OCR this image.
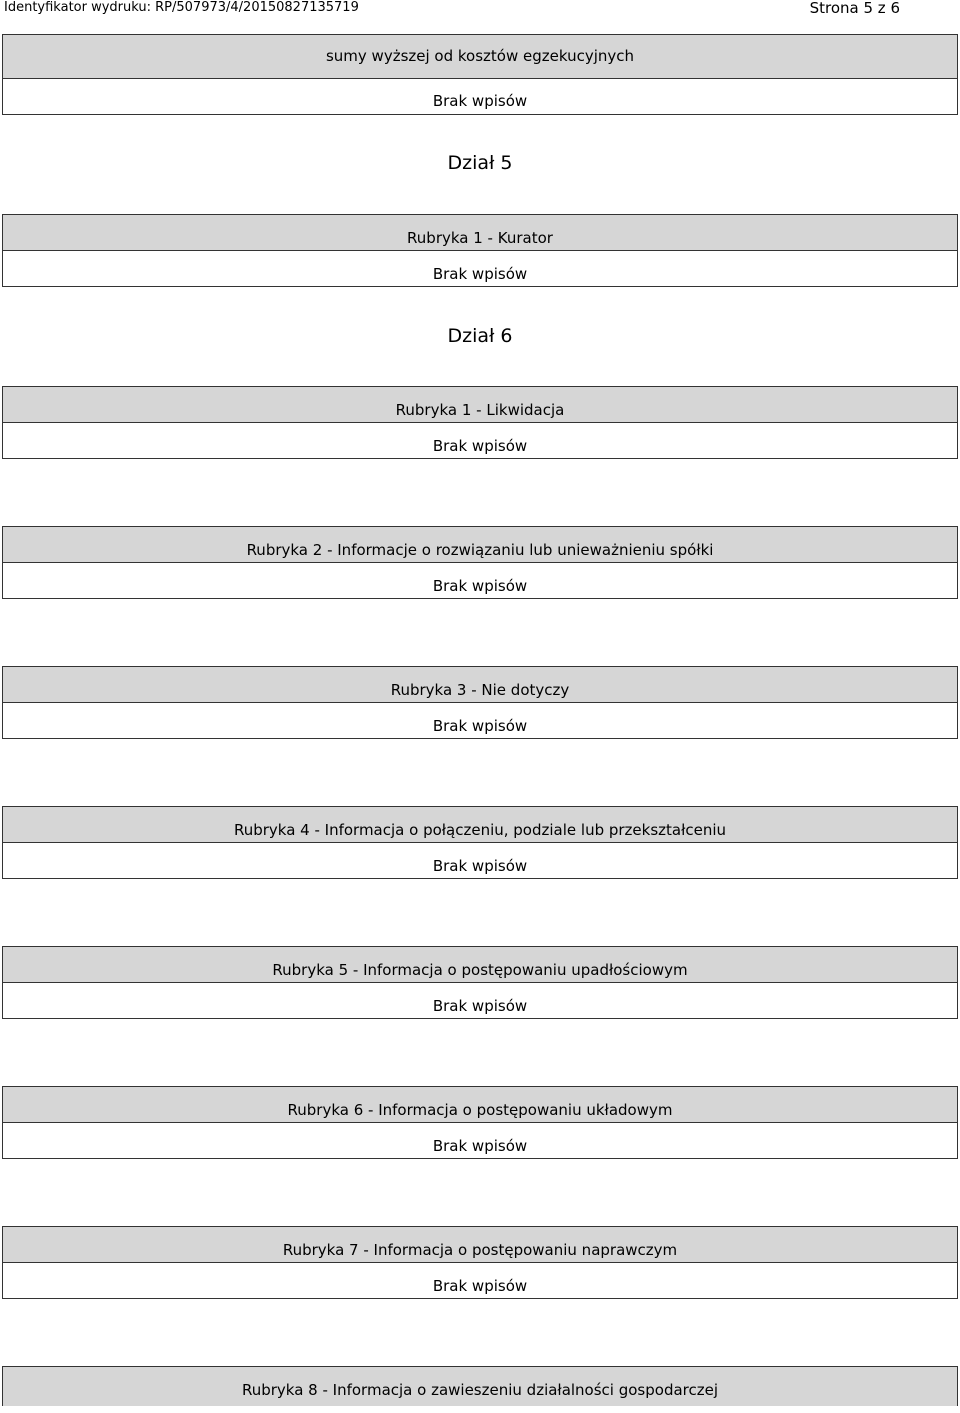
Identyfikator wydruku: RP/507973/4/20150827135719	Strona 5 z 6
sumy wyższej od kosztów egzekucyjnych
Brak wpisów
Dział 5
Rubryka 1 - Kurator
Brak wpisów
Dział 6
Rubryka 1 - Likwidacja
Brak wpisów
Rubryka 2 - Informacje o rozwiązaniu lub unieważnieniu spółki
Brak wpisów
Rubryka 3 - Nie dotyczy
Brak wpisów
Rubryka 4 - Informacja o połączeniu, podziale lub przekształceniu
Brak wpisów
Rubryka 5 - Informacja o postępowaniu upadłościowym
Brak wpisów
Rubryka 6 - Informacja o postępowaniu układowym
Brak wpisów
Rubryka 7 - Informacja o postępowaniu naprawczym
Brak wpisów
Rubryka 8 - Informacja o zawieszeniu działalności gospodarczej
